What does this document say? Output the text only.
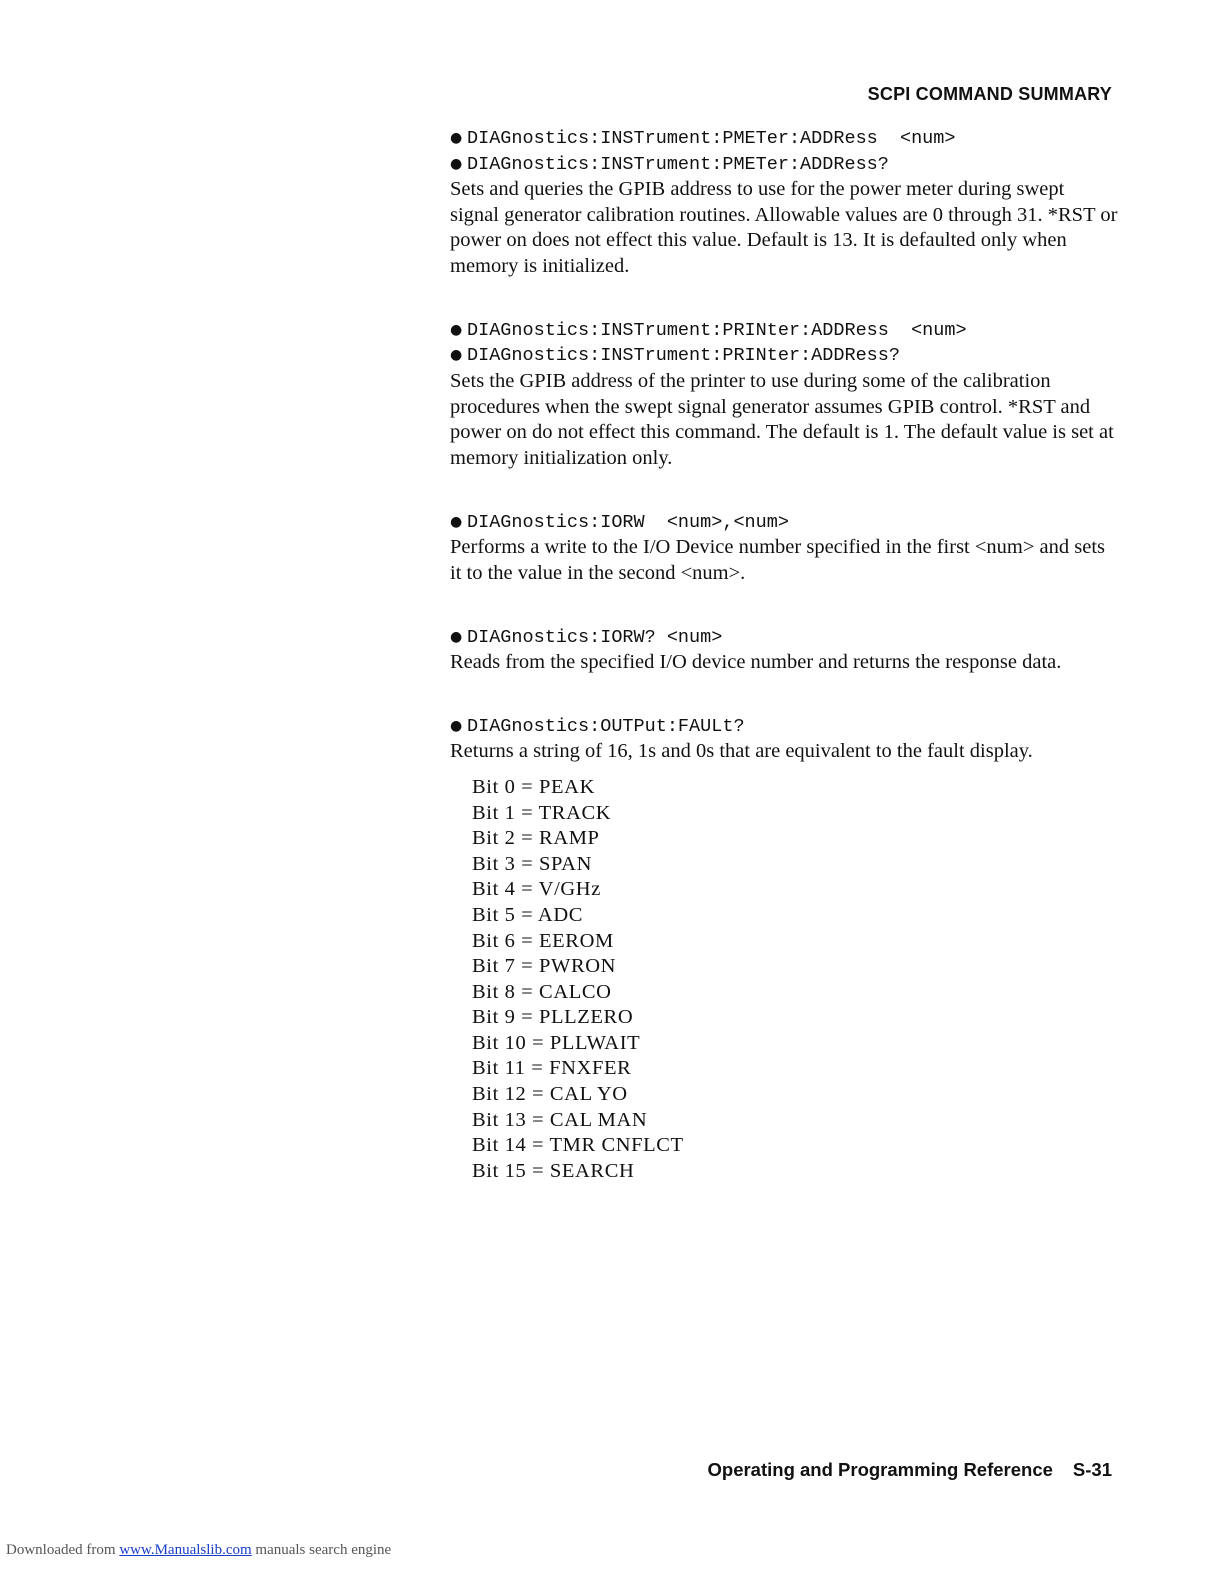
SCPI COMMAND SUMMARY
● DIAGnostics:INSTrument:PMETer:ADDRess  <num>
● DIAGnostics:INSTrument:PMETer:ADDRess?

Sets and queries the GPIB address to use for the power meter during swept signal generator calibration routines. Allowable values are 0 through 31. *RST or power on does not effect this value. Default is 13. It is defaulted only when memory is initialized.

● DIAGnostics:INSTrument:PRINter:ADDRess  <num>
● DIAGnostics:INSTrument:PRINter:ADDRess?

Sets the GPIB address of the printer to use during some of the calibration procedures when the swept signal generator assumes GPIB control. *RST and power on do not effect this command. The default is 1. The default value is set at memory initialization only.

● DIAGnostics:IORW  <num>,<num>

Performs a write to the I/O Device number specified in the first <num> and sets it to the value in the second <num>.

● DIAGnostics:IORW? <num>

Reads from the specified I/O device number and returns the response data.

● DIAGnostics:OUTPut:FAULt?

Returns a string of 16, 1s and 0s that are equivalent to the fault display.

Bit 0 = PEAK
Bit 1 = TRACK
Bit 2 = RAMP
Bit 3 = SPAN
Bit 4 = V/GHz
Bit 5 = ADC
Bit 6 = EEROM
Bit 7 = PWRON
Bit 8 = CALCO
Bit 9 = PLLZERO
Bit 10 = PLLWAIT
Bit 11 = FNXFER
Bit 12 = CAL YO
Bit 13 = CAL MAN
Bit 14 = TMR CNFLCT
Bit 15 = SEARCH
Operating and Programming Reference S-31
Downloaded from www.Manualslib.com manuals search engine
